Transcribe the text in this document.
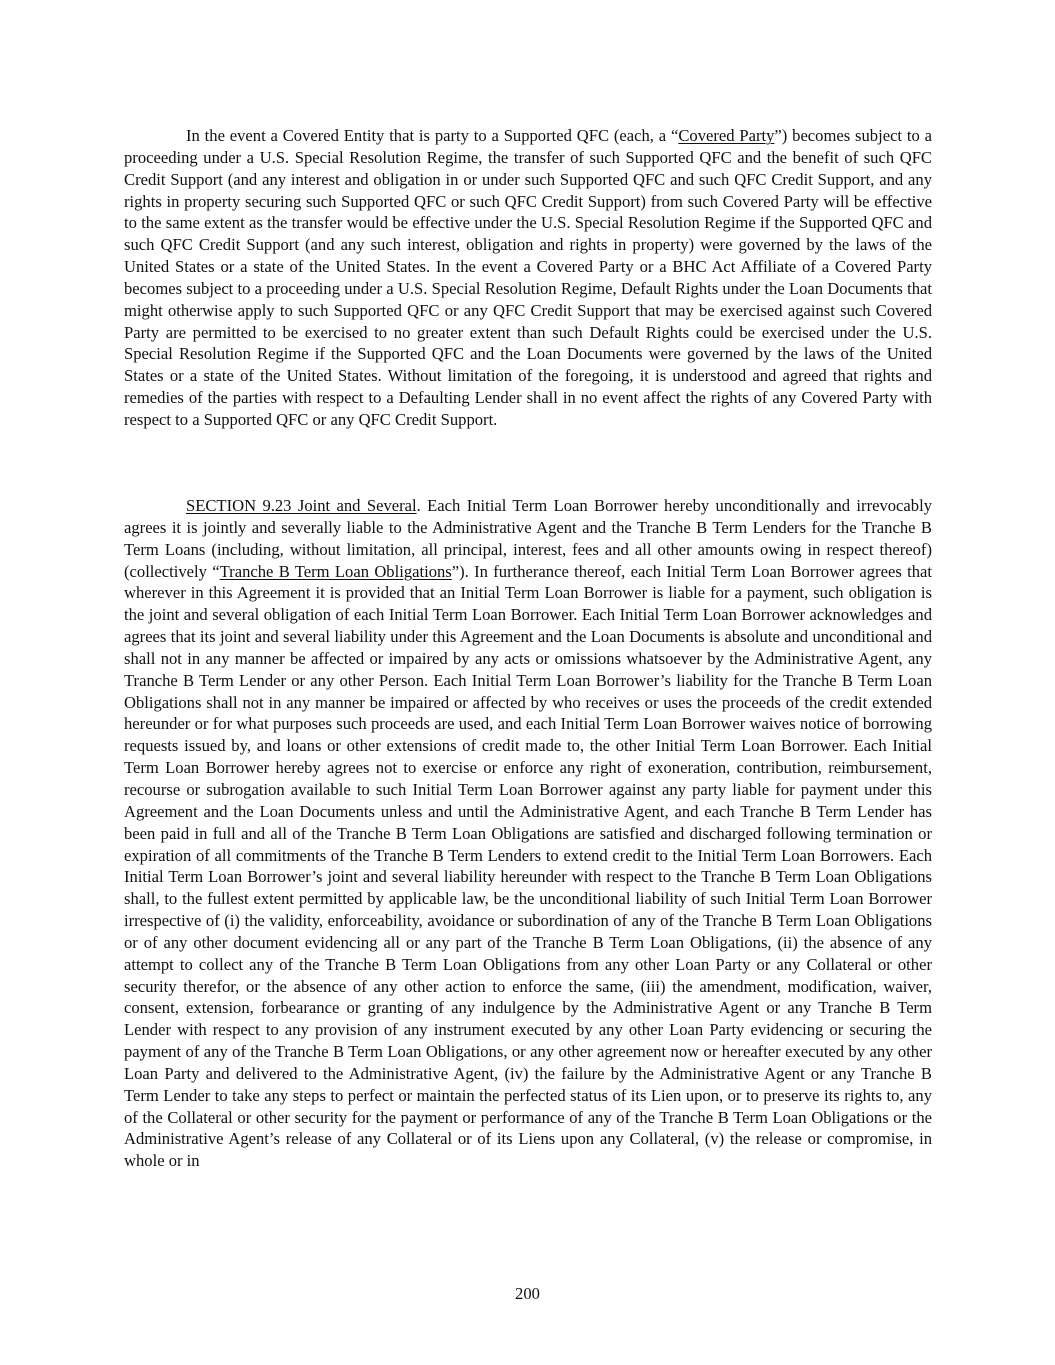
In the event a Covered Entity that is party to a Supported QFC (each, a “Covered Party”) becomes subject to a proceeding under a U.S. Special Resolution Regime, the transfer of such Supported QFC and the benefit of such QFC Credit Support (and any interest and obligation in or under such Supported QFC and such QFC Credit Support, and any rights in property securing such Supported QFC or such QFC Credit Support) from such Covered Party will be effective to the same extent as the transfer would be effective under the U.S. Special Resolution Regime if the Supported QFC and such QFC Credit Support (and any such interest, obligation and rights in property) were governed by the laws of the United States or a state of the United States. In the event a Covered Party or a BHC Act Affiliate of a Covered Party becomes subject to a proceeding under a U.S. Special Resolution Regime, Default Rights under the Loan Documents that might otherwise apply to such Supported QFC or any QFC Credit Support that may be exercised against such Covered Party are permitted to be exercised to no greater extent than such Default Rights could be exercised under the U.S. Special Resolution Regime if the Supported QFC and the Loan Documents were governed by the laws of the United States or a state of the United States. Without limitation of the foregoing, it is understood and agreed that rights and remedies of the parties with respect to a Defaulting Lender shall in no event affect the rights of any Covered Party with respect to a Supported QFC or any QFC Credit Support.

SECTION 9.23 Joint and Several. Each Initial Term Loan Borrower hereby unconditionally and irrevocably agrees it is jointly and severally liable to the Administrative Agent and the Tranche B Term Lenders for the Tranche B Term Loans (including, without limitation, all principal, interest, fees and all other amounts owing in respect thereof) (collectively “Tranche B Term Loan Obligations”). In furtherance thereof, each Initial Term Loan Borrower agrees that wherever in this Agreement it is provided that an Initial Term Loan Borrower is liable for a payment, such obligation is the joint and several obligation of each Initial Term Loan Borrower. Each Initial Term Loan Borrower acknowledges and agrees that its joint and several liability under this Agreement and the Loan Documents is absolute and unconditional and shall not in any manner be affected or impaired by any acts or omissions whatsoever by the Administrative Agent, any Tranche B Term Lender or any other Person. Each Initial Term Loan Borrower’s liability for the Tranche B Term Loan Obligations shall not in any manner be impaired or affected by who receives or uses the proceeds of the credit extended hereunder or for what purposes such proceeds are used, and each Initial Term Loan Borrower waives notice of borrowing requests issued by, and loans or other extensions of credit made to, the other Initial Term Loan Borrower. Each Initial Term Loan Borrower hereby agrees not to exercise or enforce any right of exoneration, contribution, reimbursement, recourse or subrogation available to such Initial Term Loan Borrower against any party liable for payment under this Agreement and the Loan Documents unless and until the Administrative Agent, and each Tranche B Term Lender has been paid in full and all of the Tranche B Term Loan Obligations are satisfied and discharged following termination or expiration of all commitments of the Tranche B Term Lenders to extend credit to the Initial Term Loan Borrowers. Each Initial Term Loan Borrower’s joint and several liability hereunder with respect to the Tranche B Term Loan Obligations shall, to the fullest extent permitted by applicable law, be the unconditional liability of such Initial Term Loan Borrower irrespective of (i) the validity, enforceability, avoidance or subordination of any of the Tranche B Term Loan Obligations or of any other document evidencing all or any part of the Tranche B Term Loan Obligations, (ii) the absence of any attempt to collect any of the Tranche B Term Loan Obligations from any other Loan Party or any Collateral or other security therefor, or the absence of any other action to enforce the same, (iii) the amendment, modification, waiver, consent, extension, forbearance or granting of any indulgence by the Administrative Agent or any Tranche B Term Lender with respect to any provision of any instrument executed by any other Loan Party evidencing or securing the payment of any of the Tranche B Term Loan Obligations, or any other agreement now or hereafter executed by any other Loan Party and delivered to the Administrative Agent, (iv) the failure by the Administrative Agent or any Tranche B Term Lender to take any steps to perfect or maintain the perfected status of its Lien upon, or to preserve its rights to, any of the Collateral or other security for the payment or performance of any of the Tranche B Term Loan Obligations or the Administrative Agent’s release of any Collateral or of its Liens upon any Collateral, (v) the release or compromise, in whole or in

200
